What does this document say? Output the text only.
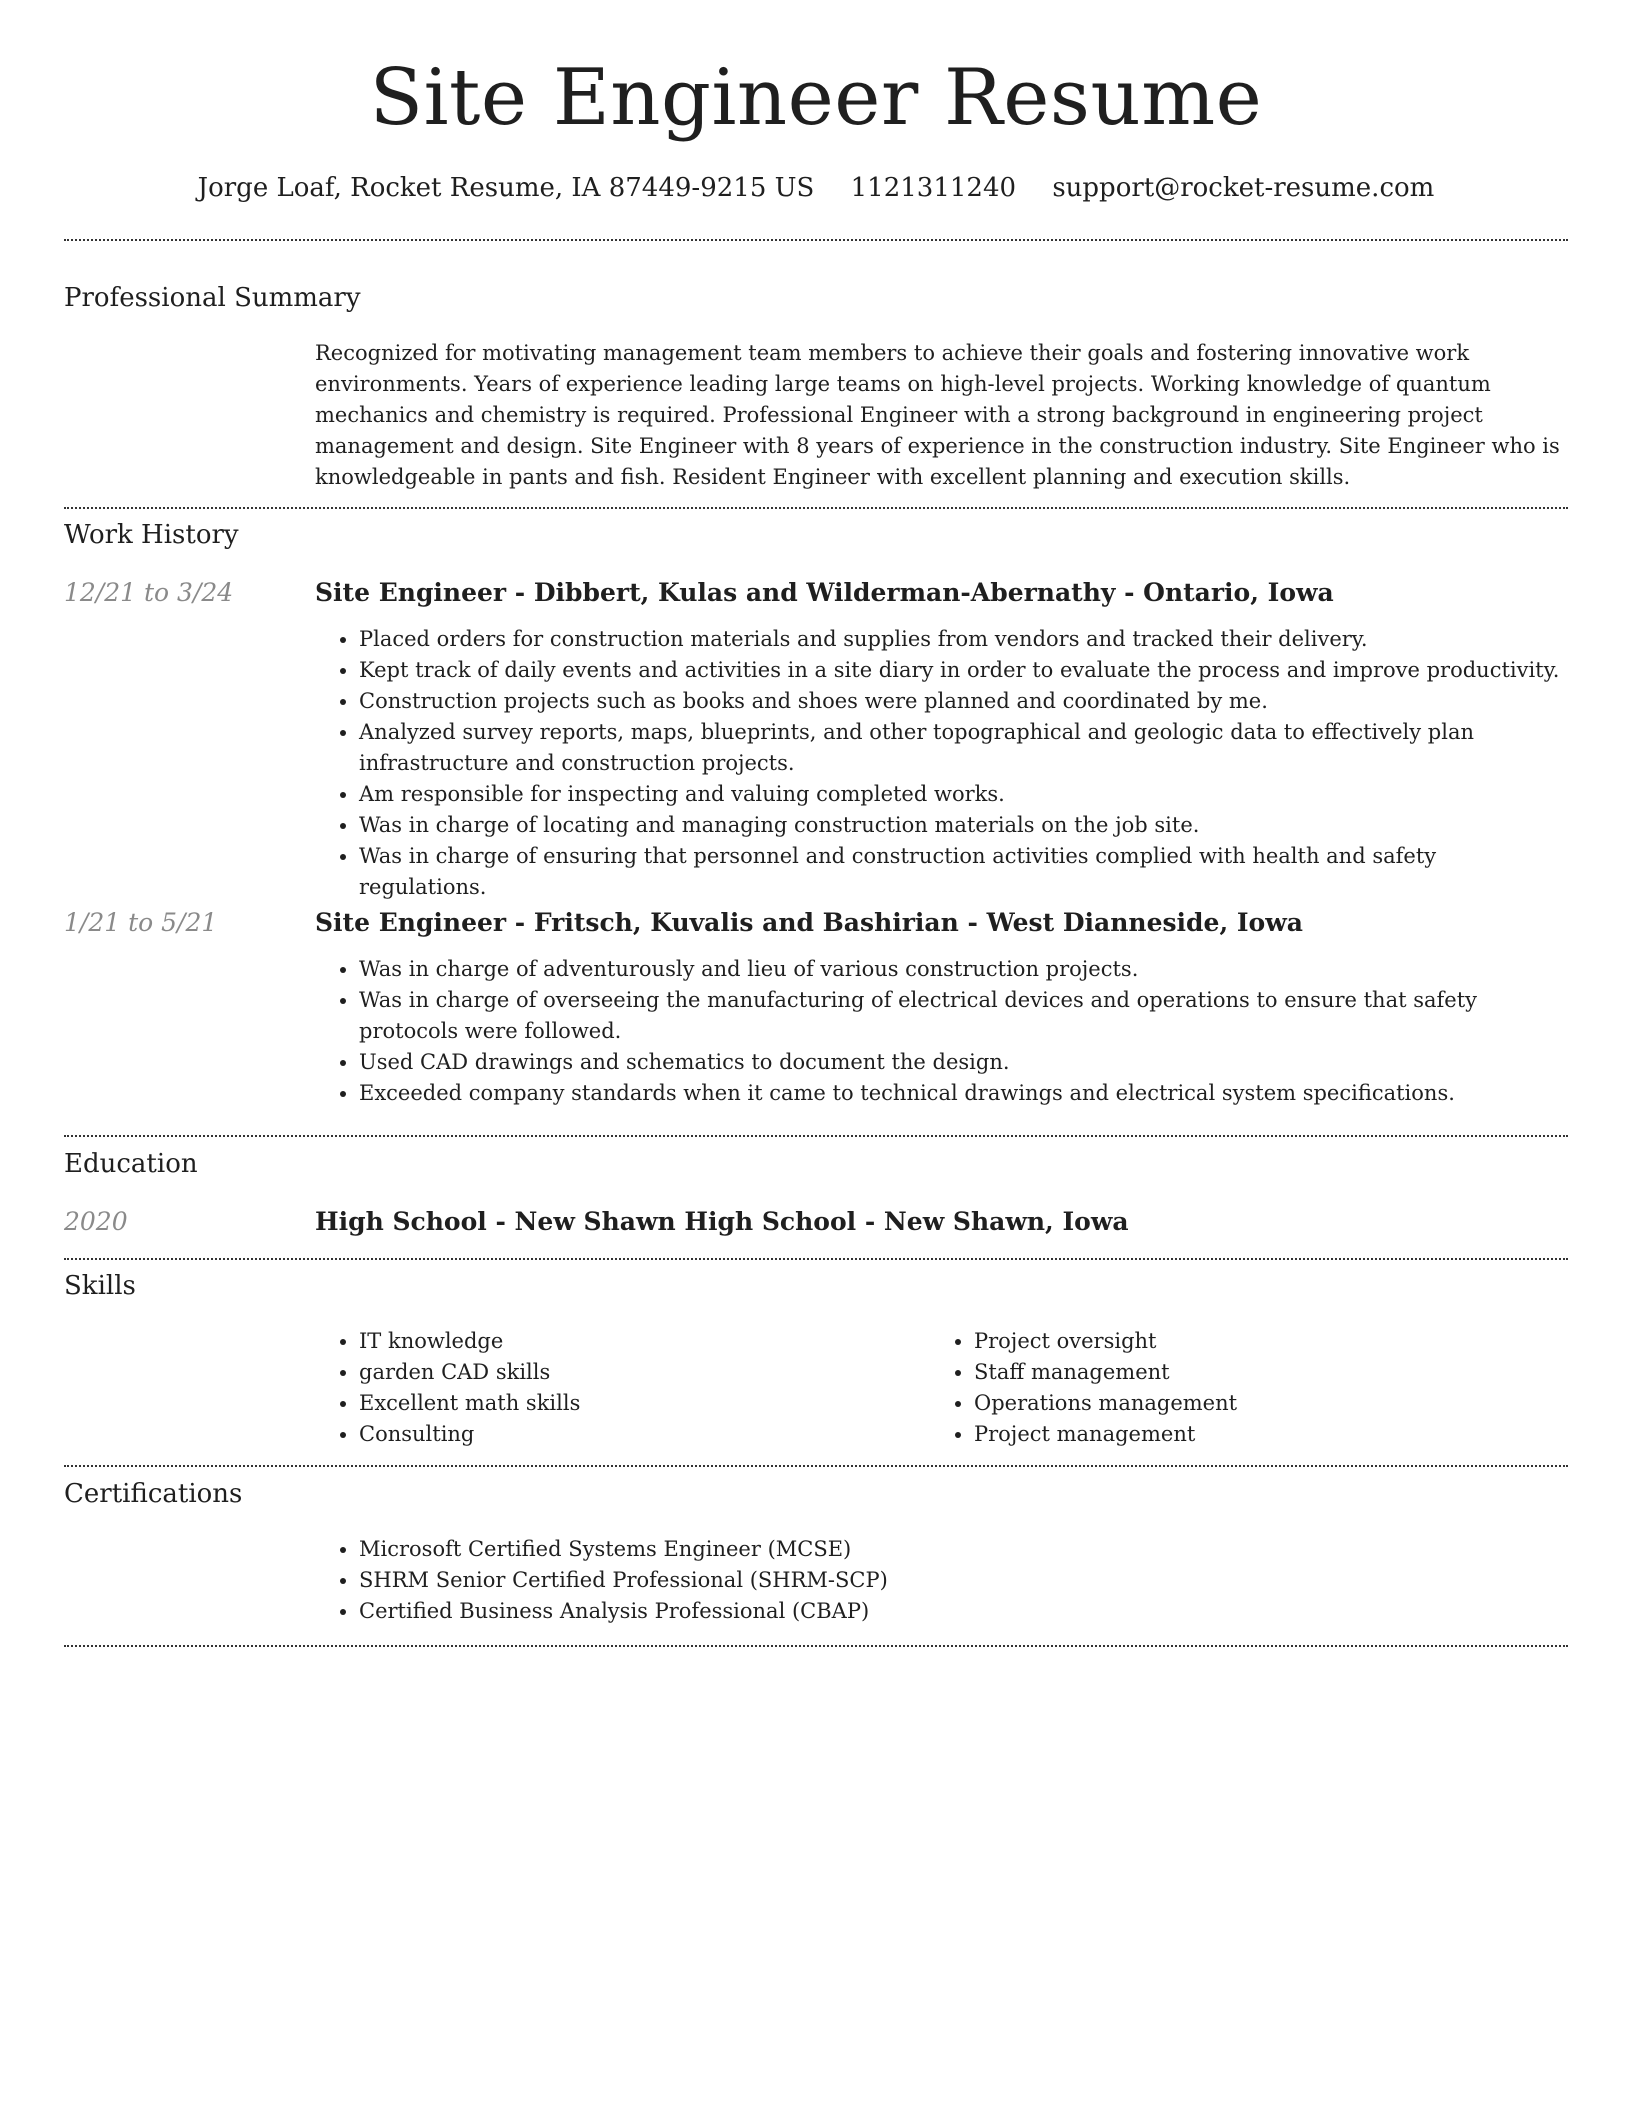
Site Engineer Resume
Jorge Loaf, Rocket Resume, IA 87449-9215 US 1121311240 support@rocket-resume.com
Professional Summary

Recognized for motivating management team members to achieve their goals and fostering innovative work environments. Years of experience leading large teams on high-level projects. Working knowledge of quantum mechanics and chemistry is required. Professional Engineer with a strong background in engineering project management and design. Site Engineer with 8 years of experience in the construction industry. Site Engineer who is knowledgeable in pants and fish. Resident Engineer with excellent planning and execution skills.

Work History
12/21 to 3/24	Site Engineer - Dibbert, Kulas and Wilderman-Abernathy - Ontario, Iowa
• Placed orders for construction materials and supplies from vendors and tracked their delivery.
• Kept track of daily events and activities in a site diary in order to evaluate the process and improve productivity.
• Construction projects such as books and shoes were planned and coordinated by me.
• Analyzed survey reports, maps, blueprints, and other topographical and geologic data to effectively plan infrastructure and construction projects.
• Am responsible for inspecting and valuing completed works.
• Was in charge of locating and managing construction materials on the job site.
• Was in charge of ensuring that personnel and construction activities complied with health and safety regulations.
1/21 to 5/21	Site Engineer - Fritsch, Kuvalis and Bashirian - West Dianneside, Iowa
• Was in charge of adventurously and lieu of various construction projects.
• Was in charge of overseeing the manufacturing of electrical devices and operations to ensure that safety protocols were followed.
• Used CAD drawings and schematics to document the design.
• Exceeded company standards when it came to technical drawings and electrical system specifications.
Education
2020	High School - New Shawn High School - New Shawn, Iowa
Skills
• IT knowledge
• garden CAD skills
• Excellent math skills
• Consulting
• Project oversight
• Staff management
• Operations management
• Project management
Certifications
• Microsoft Certified Systems Engineer (MCSE)
• SHRM Senior Certified Professional (SHRM-SCP)
• Certified Business Analysis Professional (CBAP)
